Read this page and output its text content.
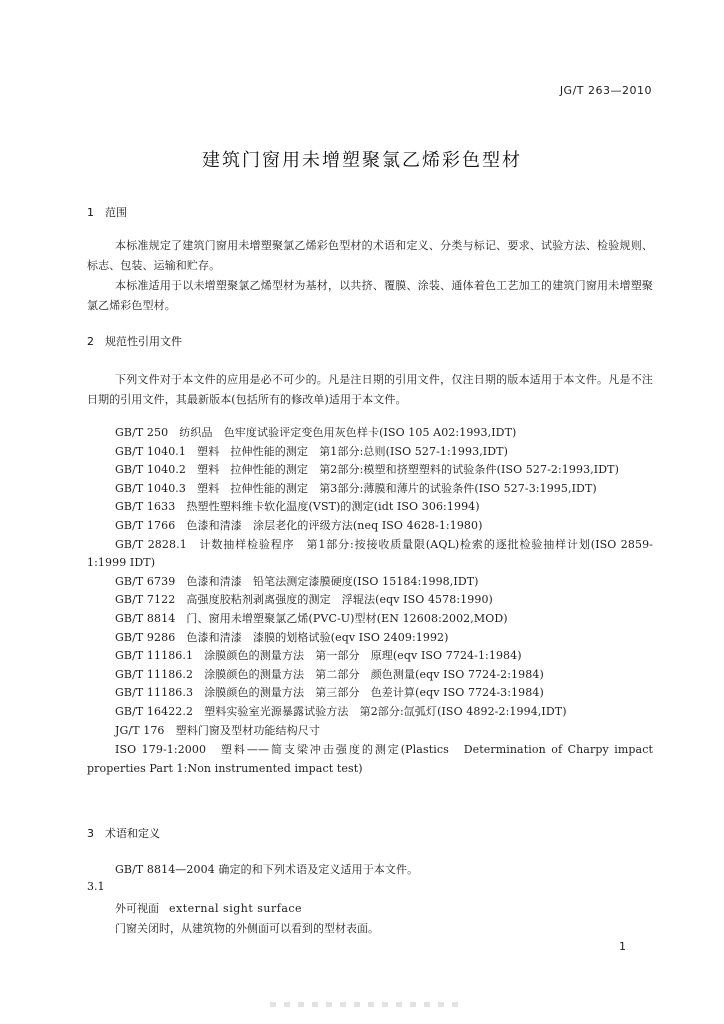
JG/T 263—2010
建筑门窗用未增塑聚氯乙烯彩色型材
1 范围
本标准规定了建筑门窗用未增塑聚氯乙烯彩色型材的术语和定义、分类与标记、要求、试验方法、检验规则、标志、包装、运输和贮存。
本标准适用于以未增塑聚氯乙烯型材为基材，以共挤、覆膜、涂装、通体着色工艺加工的建筑门窗用未增塑聚氯乙烯彩色型材。
2 规范性引用文件
下列文件对于本文件的应用是必不可少的。凡是注日期的引用文件，仅注日期的版本适用于本文件。凡是不注日期的引用文件，其最新版本(包括所有的修改单)适用于本文件。
GB/T 250　纺织品　色牢度试验评定变色用灰色样卡(ISO 105 A02:1993,IDT)
GB/T 1040.1　塑料　拉伸性能的测定　第1部分:总则(ISO 527-1:1993,IDT)
GB/T 1040.2　塑料　拉伸性能的测定　第2部分:模塑和挤塑塑料的试验条件(ISO 527-2:1993,IDT)
GB/T 1040.3　塑料　拉伸性能的测定　第3部分:薄膜和薄片的试验条件(ISO 527-3:1995,IDT)
GB/T 1633　热塑性塑料维卡软化温度(VST)的测定(idt ISO 306:1994)
GB/T 1766　色漆和清漆　涂层老化的评级方法(neq ISO 4628-1:1980)
GB/T 2828.1　计数抽样检验程序　第1部分:按接收质量限(AQL)检索的逐批检验抽样计划(ISO 2859-1:1999 IDT)
GB/T 6739　色漆和清漆　铅笔法测定漆膜硬度(ISO 15184:1998,IDT)
GB/T 7122　高强度胶粘剂剥离强度的测定　浮辊法(eqv ISO 4578:1990)
GB/T 8814　门、窗用未增塑聚氯乙烯(PVC-U)型材(EN 12608:2002,MOD)
GB/T 9286　色漆和清漆　漆膜的划格试验(eqv ISO 2409:1992)
GB/T 11186.1　涂膜颜色的测量方法　第一部分　原理(eqv ISO 7724-1:1984)
GB/T 11186.2　涂膜颜色的测量方法　第二部分　颜色测量(eqv ISO 7724-2:1984)
GB/T 11186.3　涂膜颜色的测量方法　第三部分　色差计算(eqv ISO 7724-3:1984)
GB/T 16422.2　塑料实验室光源暴露试验方法　第2部分:氙弧灯(ISO 4892-2:1994,IDT)
JG/T 176　塑料门窗及型材功能结构尺寸
ISO 179-1:2000　塑料——简支梁冲击强度的测定(Plastics　Determination of Charpy impact properties Part 1:Non instrumented impact test)
3 术语和定义
GB/T 8814—2004 确定的和下列术语及定义适用于本文件。
3.1
外可视面 external sight surface
门窗关闭时，从建筑物的外侧面可以看到的型材表面。
1
